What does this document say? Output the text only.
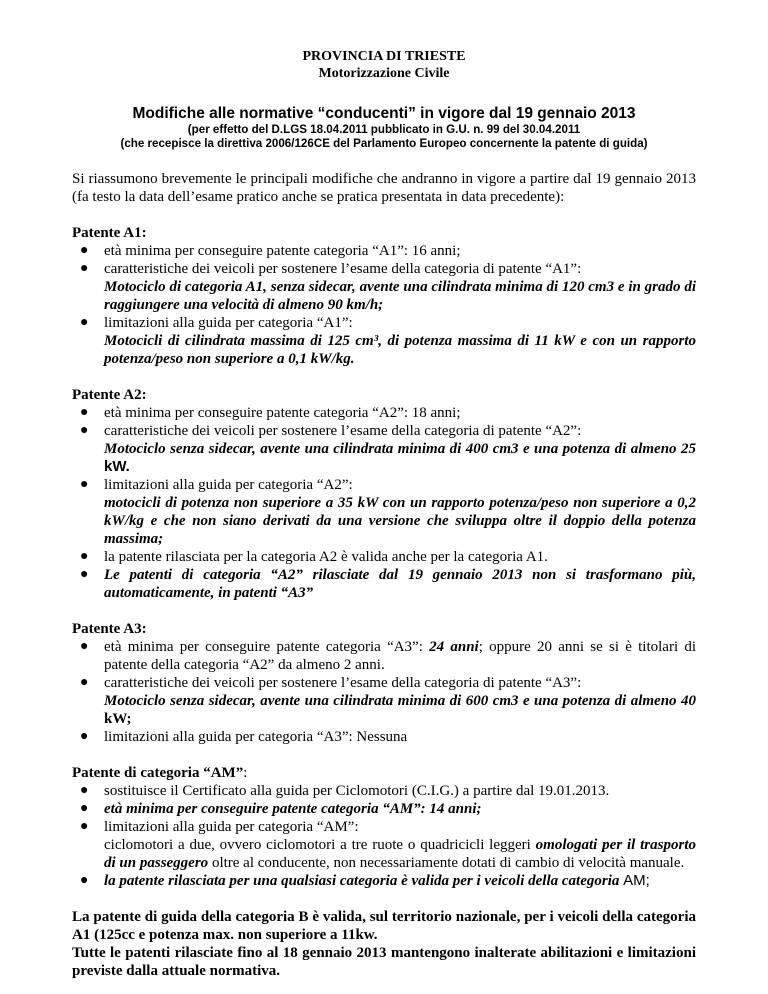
PROVINCIA DI TRIESTE
Motorizzazione Civile
Modifiche alle normative “conducenti” in vigore dal 19 gennaio 2013
(per effetto del D.LGS 18.04.2011 pubblicato in G.U. n. 99 del 30.04.2011
(che recepisce la direttiva 2006/126CE del Parlamento Europeo concernente la patente di guida)
Si riassumono brevemente le principali modifiche che andranno in vigore a partire dal 19 gennaio 2013 (fa testo la data dell’esame pratico anche se pratica presentata in data precedente):
Patente A1:
● età minima per conseguire patente categoria “A1”: 16 anni;
● caratteristiche dei veicoli per sostenere l’esame della categoria di patente “A1”:
Motociclo di categoria A1, senza sidecar, avente una cilindrata minima di 120 cm3 e in grado di raggiungere una velocità di almeno 90 km/h;
● limitazioni alla guida per categoria “A1”:
Motocicli di cilindrata massima di 125 cm³, di potenza massima di 11 kW e con un rapporto potenza/peso non superiore a 0,1 kW/kg.
Patente A2:
● età minima per conseguire patente categoria “A2”: 18 anni;
● caratteristiche dei veicoli per sostenere l’esame della categoria di patente “A2”:
Motociclo senza sidecar, avente una cilindrata minima di 400 cm3 e una potenza di almeno 25 kW.
● limitazioni alla guida per categoria “A2”:
motocicli di potenza non superiore a 35 kW con un rapporto potenza/peso non superiore a 0,2 kW/kg e che non siano derivati da una versione che sviluppa oltre il doppio della potenza massima;
● la patente rilasciata per la categoria A2 è valida anche per la categoria A1.
● Le patenti di categoria “A2” rilasciate dal 19 gennaio 2013 non si trasformano più, automaticamente, in patenti “A3”
Patente A3:
● età minima per conseguire patente categoria “A3”: 24 anni; oppure 20 anni se si è titolari di patente della categoria “A2” da almeno 2 anni.
● caratteristiche dei veicoli per sostenere l’esame della categoria di patente “A3”:
Motociclo senza sidecar, avente una cilindrata minima di 600 cm3 e una potenza di almeno 40 kW;
● limitazioni alla guida per categoria “A3”: Nessuna
Patente di categoria “AM”:
● sostituisce il Certificato alla guida per Ciclomotori (C.I.G.) a partire dal 19.01.2013.
● età minima per conseguire patente categoria “AM”: 14 anni;
● limitazioni alla guida per categoria “AM”:
ciclomotori a due, ovvero ciclomotori a tre ruote o quadricicli leggeri omologati per il trasporto di un passeggero oltre al conducente, non necessariamente dotati di cambio di velocità manuale.
● la patente rilasciata per una qualsiasi categoria è valida per i veicoli della categoria AM;
La patente di guida della categoria B è valida, sul territorio nazionale, per i veicoli della categoria A1 (125cc e potenza max. non superiore a 11kw.
Tutte le patenti rilasciate fino al 18 gennaio 2013 mantengono inalterate abilitazioni e limitazioni previste dalla attuale normativa.
